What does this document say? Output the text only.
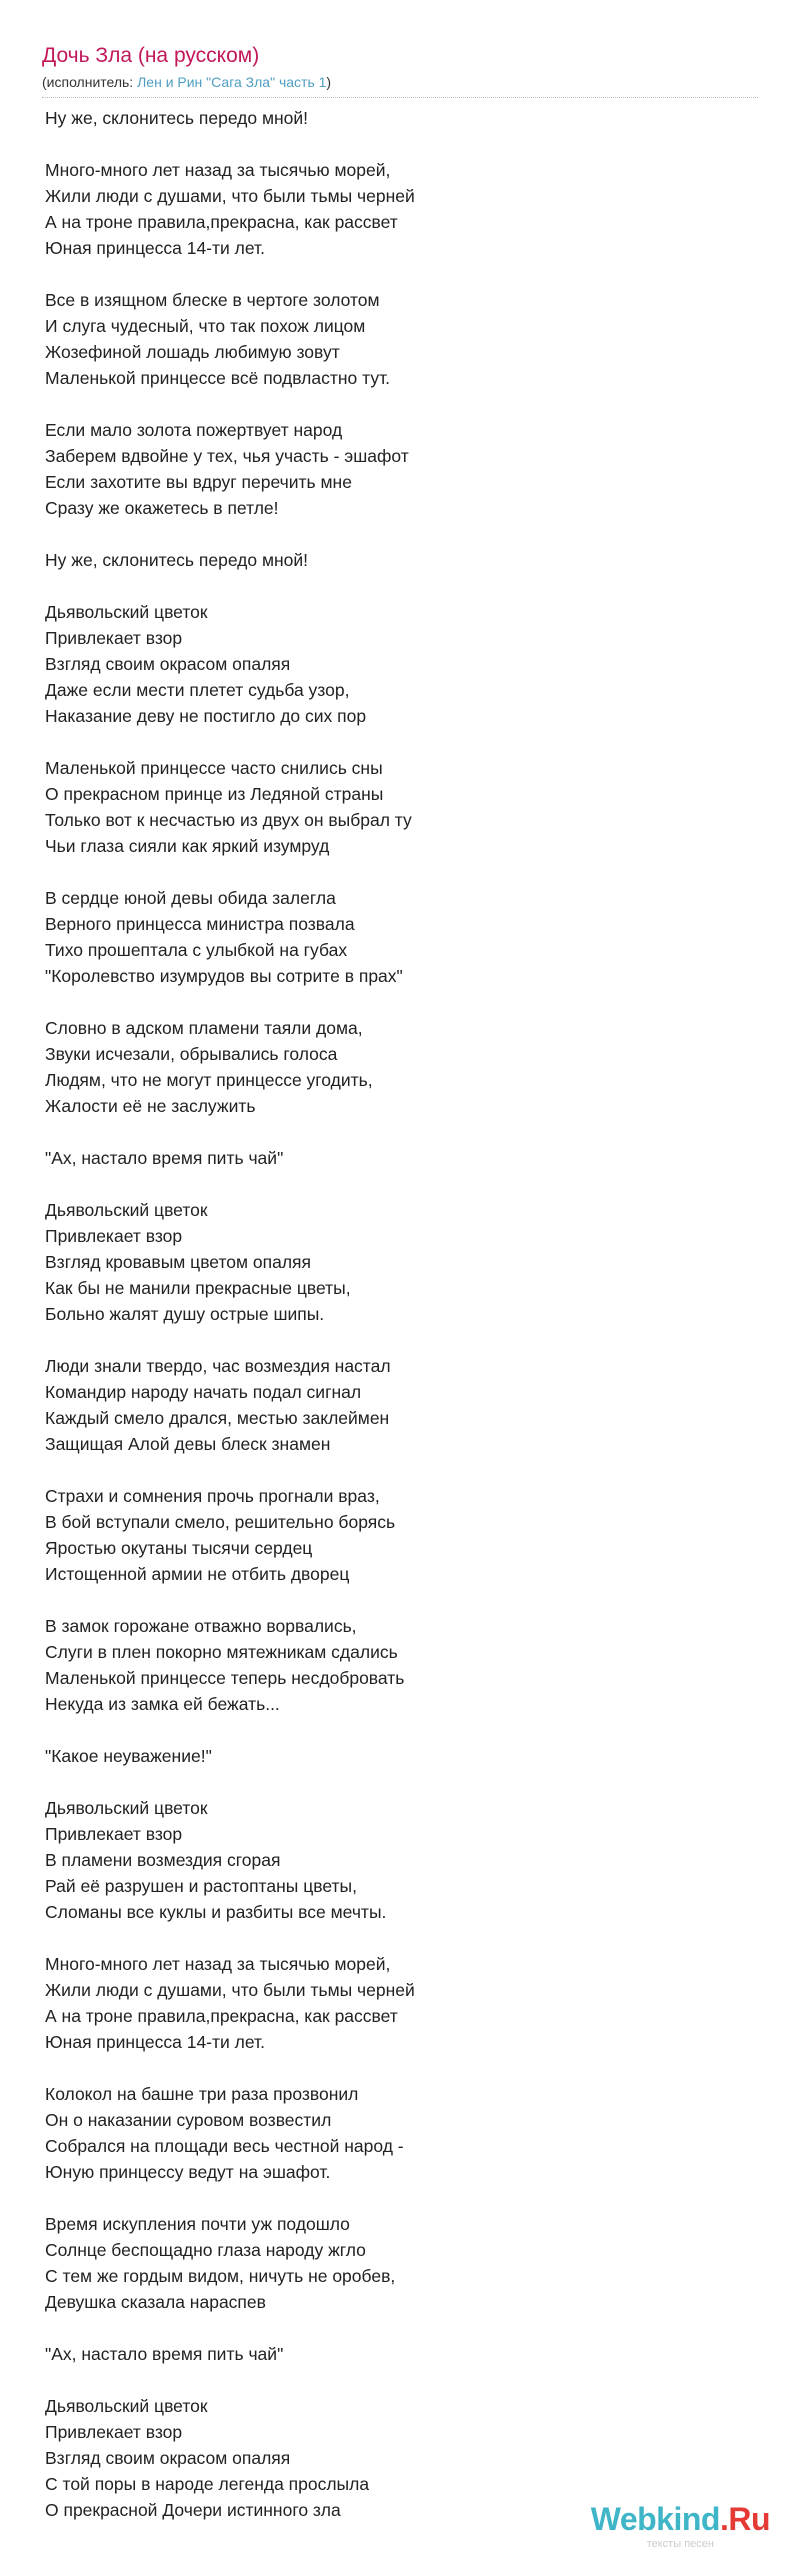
Дочь Зла (на русском)
(исполнитель: Лен и Рин "Сага Зла" часть 1)
Ну же, склонитесь передо мной!
Много-много лет назад за тысячью морей,
Жили люди с душами, что были тьмы черней
А на троне правила,прекрасна, как рассвет
Юная принцесса 14-ти лет.
Все в изящном блеске в чертоге золотом
И слуга чудесный, что так похож лицом
Жозефиной лошадь любимую зовут
Маленькой принцессе всё подвластно тут.
Если мало золота пожертвует народ
Заберем вдвойне у тех, чья участь - эшафот
Если захотите вы вдруг перечить мне
Сразу же окажетесь в петле!
Ну же, склонитесь передо мной!
Дьявольский цветок
Привлекает взор
Взгляд своим окрасом опаляя
Даже если мести плетет судьба узор,
Наказание деву не постигло до сих пор
Маленькой принцессе часто снились сны
О прекрасном принце из Ледяной страны
Только вот к несчастью из двух он выбрал ту
Чьи глаза сияли как яркий изумруд
В сердце юной девы обида залегла
Верного принцесса министра позвала
Тихо прошептала с улыбкой на губах
"Королевство изумрудов вы сотрите в прах"
Словно в адском пламени таяли дома,
Звуки исчезали, обрывались голоса
Людям, что не могут принцессе угодить,
Жалости её не заслужить
"Ах, настало время пить чай"
Дьявольский цветок
Привлекает взор
Взгляд кровавым цветом опаляя
Как бы не манили прекрасные цветы,
Больно жалят душу острые шипы.
Люди знали твердо, час возмездия настал
Командир народу начать подал сигнал
Каждый смело дрался, местью заклеймен
Защищая Алой девы блеск знамен
Страхи и сомнения прочь прогнали враз,
В бой вступали смело, решительно борясь
Яростью окутаны тысячи сердец
Истощенной армии не отбить дворец
В замок горожане отважно ворвались,
Слуги в плен покорно мятежникам сдались
Маленькой принцессе теперь несдобровать
Некуда из замка ей бежать...
"Какое неуважение!"
Дьявольский цветок
Привлекает взор
В пламени возмездия сгорая
Рай её разрушен и растоптаны цветы,
Сломаны все куклы и разбиты все мечты.
Много-много лет назад за тысячью морей,
Жили люди с душами, что были тьмы черней
А на троне правила,прекрасна, как рассвет
Юная принцесса 14-ти лет.
Колокол на башне три раза прозвонил
Он о наказании суровом возвестил
Собрался на площади весь честной народ -
Юную принцессу ведут на эшафот.
Время искупления почти уж подошло
Солнце беспощадно глаза народу жгло
С тем же гордым видом, ничуть не оробев,
Девушка сказала нараспев
"Ах, настало время пить чай"
Дьявольский цветок
Привлекает взор
Взгляд своим окрасом опаляя
С той поры в народе легенда прослыла
О прекрасной Дочери истинного зла	Webkind.Ru
тексты песен
